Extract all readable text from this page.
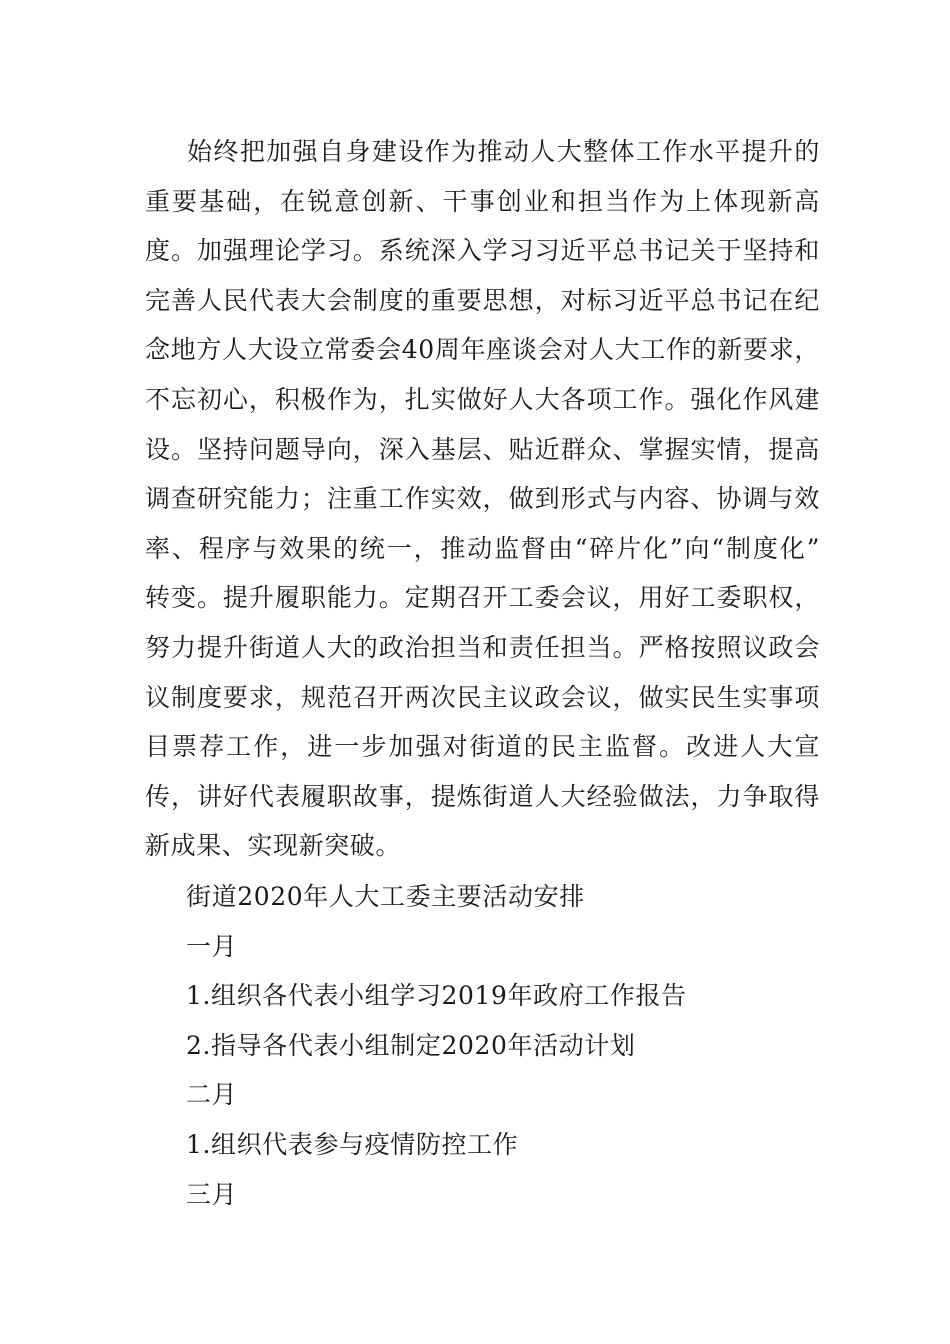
始终把加强自身建设作为推动人大整体工作水平提升的重要基础，在锐意创新、干事创业和担当作为上体现新高度。加强理论学习。系统深入学习习近平总书记关于坚持和完善人民代表大会制度的重要思想，对标习近平总书记在纪念地方人大设立常委会40周年座谈会对人大工作的新要求，不忘初心，积极作为，扎实做好人大各项工作。强化作风建设。坚持问题导向，深入基层、贴近群众、掌握实情，提高调查研究能力；注重工作实效，做到形式与内容、协调与效率、程序与效果的统一，推动监督由“碎片化”向“制度化” 转变。提升履职能力。定期召开工委会议，用好工委职权，努力提升街道人大的政治担当和责任担当。严格按照议政会议制度要求，规范召开两次民主议政会议，做实民生实事项目票荐工作，进一步加强对街道的民主监督。改进人大宣传，讲好代表履职故事，提炼街道人大经验做法，力争取得新成果、实现新突破。

街道2020年人大工委主要活动安排
一月
1.组织各代表小组学习2019年政府工作报告
2.指导各代表小组制定2020年活动计划
二月
1.组织代表参与疫情防控工作
三月
